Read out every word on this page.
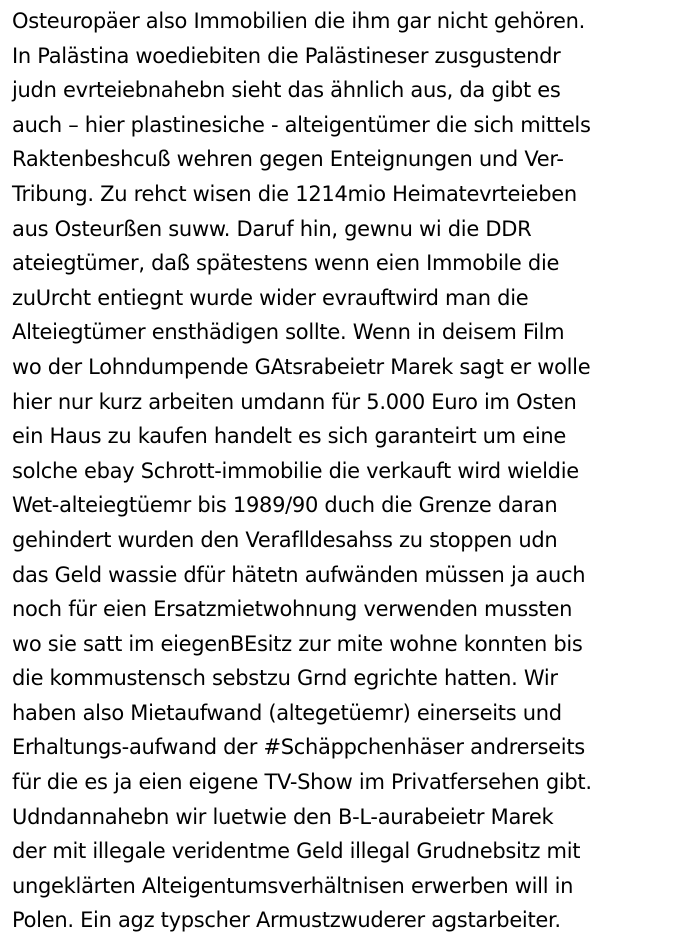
Osteuropäer also Immobilien die ihm gar nicht gehören.
In Palästina woediebiten die Palästineser zusgustendr
judn evrteiebnahebn sieht das ähnlich aus, da gibt es
auch – hier plastinesiche - alteigentümer die sich mittels
Raktenbeshcuß wehren gegen Enteignungen und Ver-
Tribung. Zu rehct wisen die 1214mio Heimatevrteieben
aus Osteurßen suww. Daruf hin, gewnu wi die DDR
ateiegtümer, daß spätestens wenn eien Immobile die
zuUrcht entiegnt wurde wider evrauftwird man die
Alteiegtümer ensthädigen sollte. Wenn in deisem Film
wo der Lohndumpende GAtsrabeietr Marek sagt er wolle
hier nur kurz arbeiten umdann für 5.000 Euro im Osten
ein Haus zu kaufen handelt es sich garanteirt um eine
solche ebay Schrott-immobilie die verkauft wird wieldie
Wet-alteiegtüemr bis 1989/90 duch die Grenze daran
gehindert wurden den Veraflldesahss zu stoppen udn
das Geld wassie dfür hätetn aufwänden müssen ja auch
noch für eien Ersatzmietwohnung verwenden mussten
wo sie satt im eiegenBEsitz zur mite wohne konnten bis
die kommustensch sebstzu Grnd egrichte hatten. Wir
haben also Mietaufwand (altegetüemr) einerseits und
Erhaltungs-aufwand der #Schäppchenhäser andrerseits
für die es ja eien eigene TV-Show im Privatfersehen gibt.
Udndannahebn wir luetwie den B-L-aurabeietr Marek
der mit illegale veridentme Geld illegal Grudnebsitz mit
ungeklärten Alteigentumsverhältnisen erwerben will in
Polen. Ein agz typscher Armustzwuderer agstarbeiter.
